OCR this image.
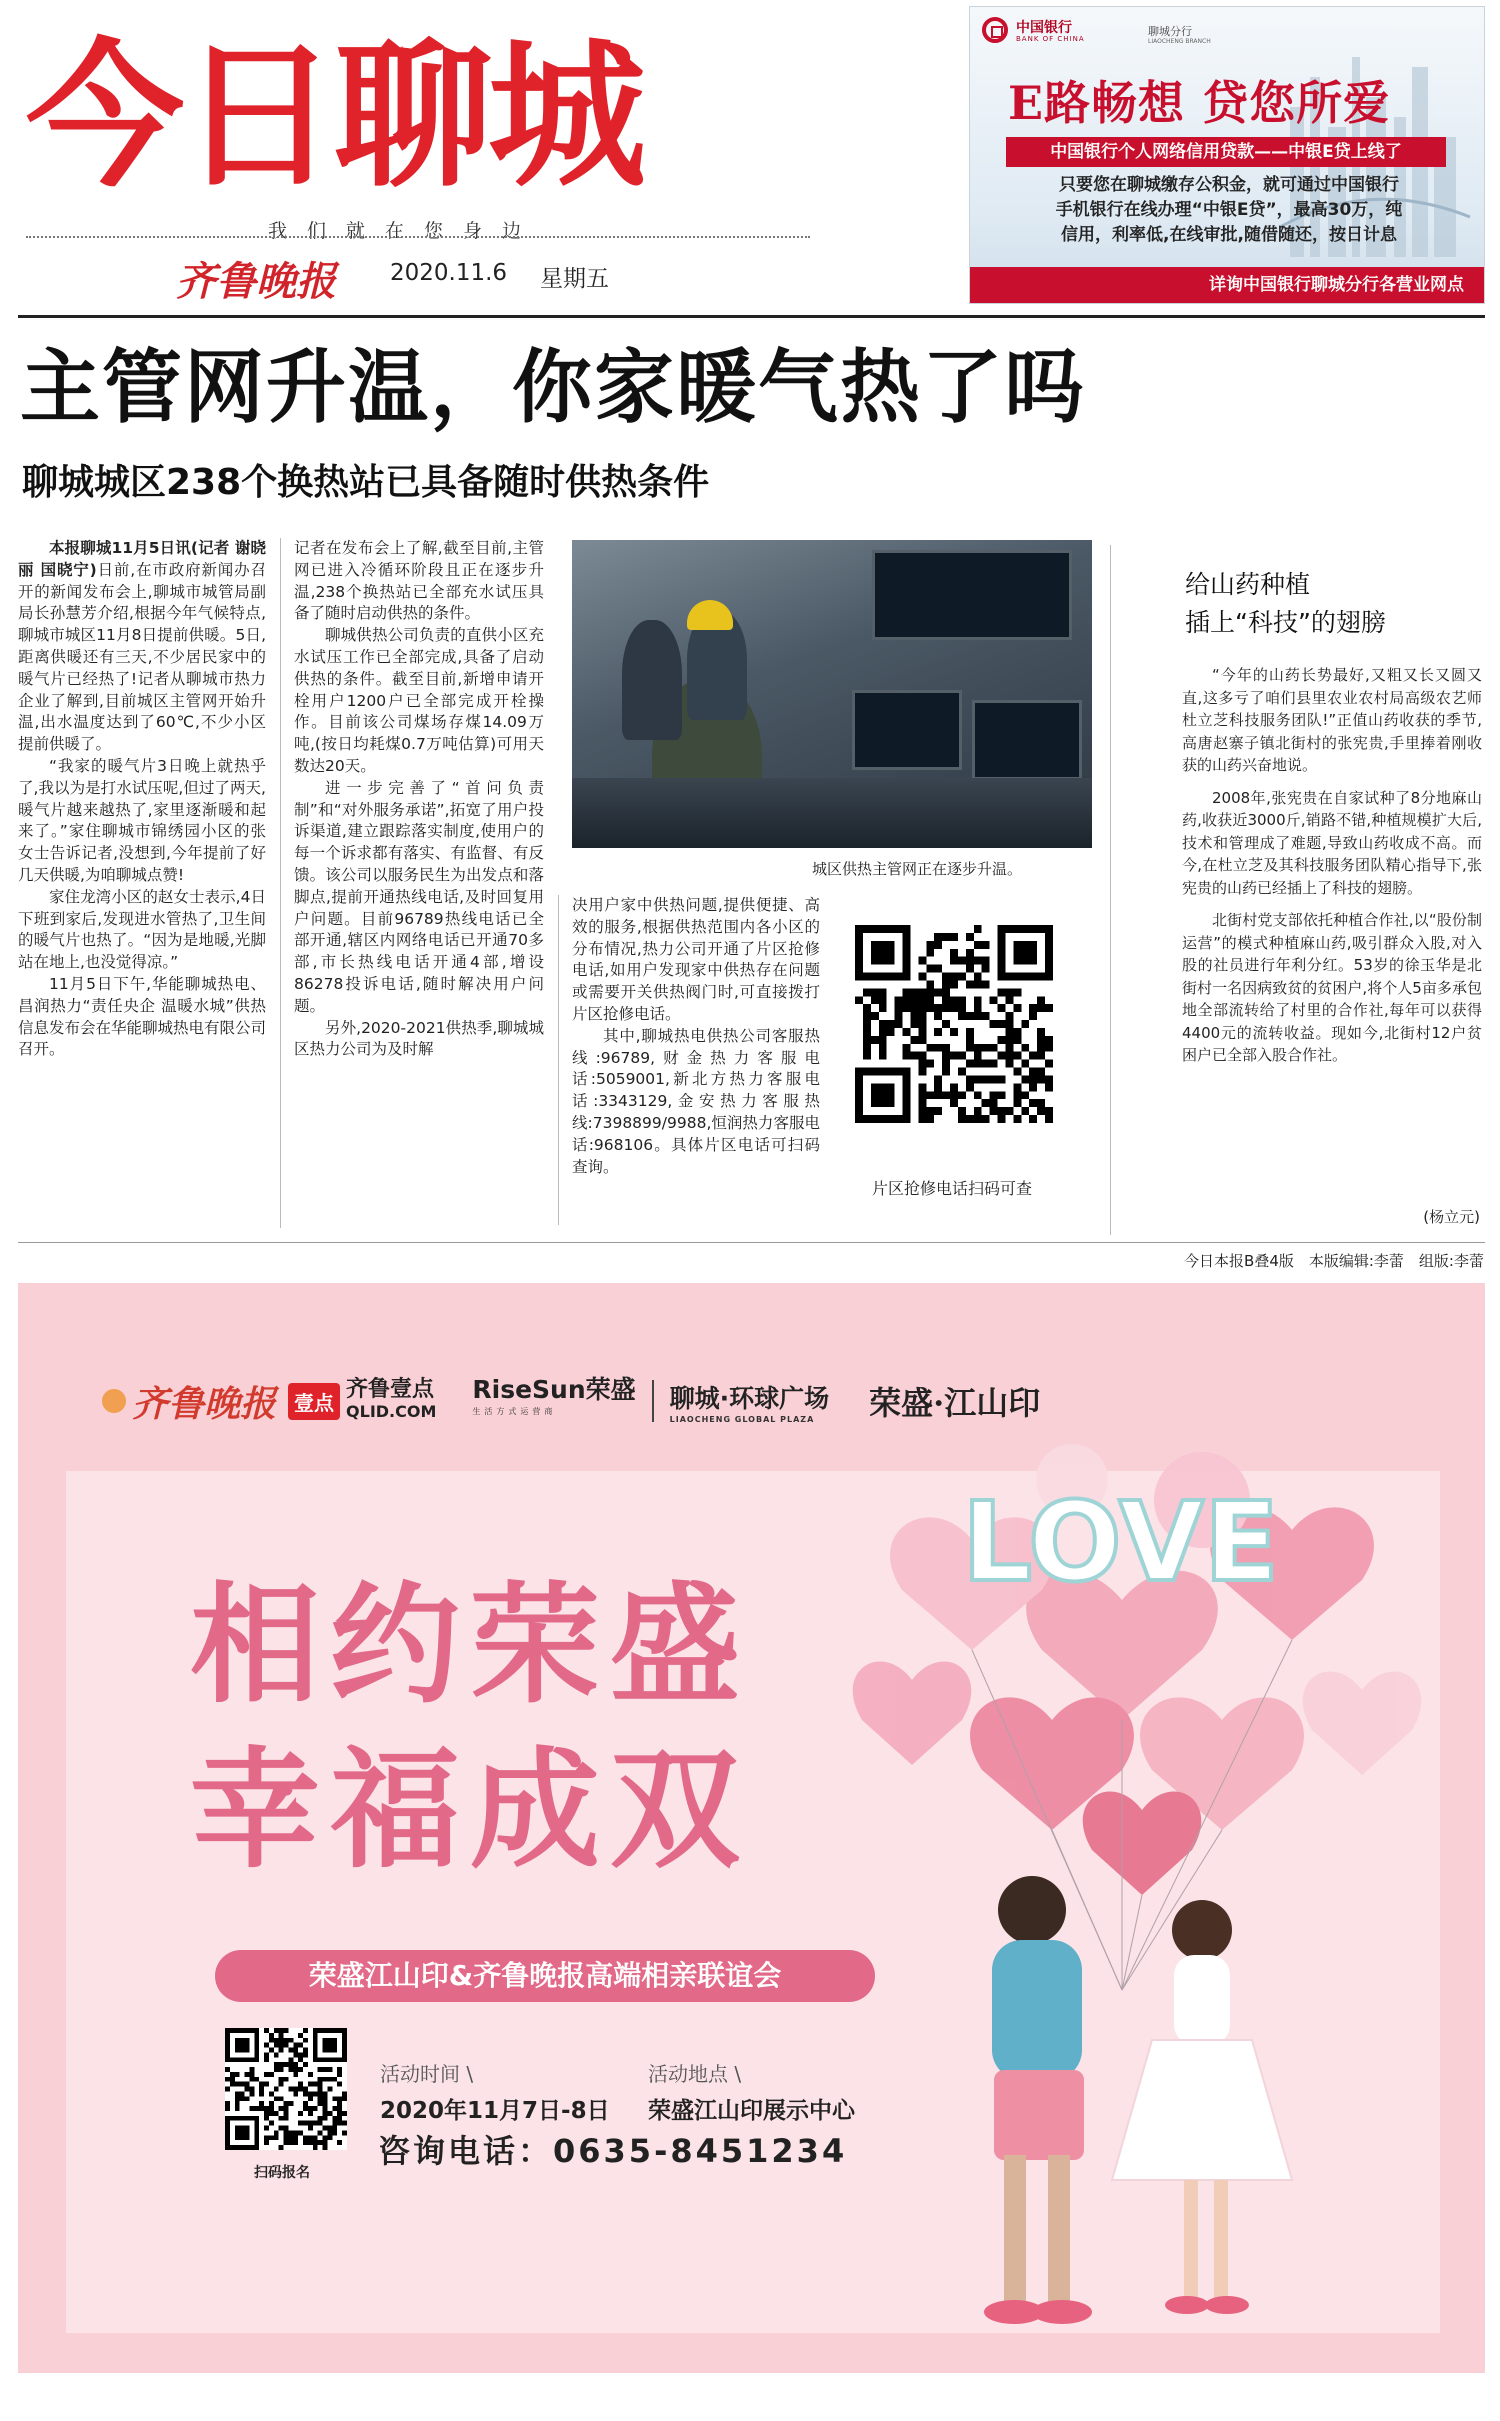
今日聊城
我们就在您身边
齐鲁晚报 2020.11.6 星期五
中国银行
BANK OF CHINA
聊城分行
LIAOCHENG BRANCH
E路畅想 贷您所爱
中国银行个人网络信用贷款——中银E贷上线了
只要您在聊城缴存公积金，就可通过中国银行
手机银行在线办理“中银E贷”，最高30万，纯
信用，利率低,在线审批,随借随还，按日计息
详询中国银行聊城分行各营业网点
主管网升温，你家暖气热了吗
聊城城区238个换热站已具备随时供热条件

本报聊城11月5日讯(记者 谢晓丽 国晓宁)日前,在市政府新闻办召开的新闻发布会上,聊城市城管局副局长孙慧芳介绍,根据今年气候特点,聊城市城区11月8日提前供暖。5日,距离供暖还有三天,不少居民家中的暖气片已经热了!记者从聊城市热力企业了解到,目前城区主管网开始升温,出水温度达到了60℃,不少小区提前供暖了。

“我家的暖气片3日晚上就热乎了,我以为是打水试压呢,但过了两天,暖气片越来越热了,家里逐渐暖和起来了。”家住聊城市锦绣园小区的张女士告诉记者,没想到,今年提前了好几天供暖,为咱聊城点赞!

家住龙湾小区的赵女士表示,4日下班到家后,发现进水管热了,卫生间的暖气片也热了。“因为是地暖,光脚站在地上,也没觉得凉。”

11月5日下午,华能聊城热电、昌润热力“责任央企 温暖水城”供热信息发布会在华能聊城热电有限公司召开。

记者在发布会上了解,截至目前,主管网已进入冷循环阶段且正在逐步升温,238个换热站已全部充水试压具备了随时启动供热的条件。

聊城供热公司负责的直供小区充水试压工作已全部完成,具备了启动供热的条件。截至目前,新增申请开栓用户1200户已全部完成开栓操作。目前该公司煤场存煤14.09万吨,(按日均耗煤0.7万吨估算)可用天数达20天。

进一步完善了“首问负责制”和“对外服务承诺”,拓宽了用户投诉渠道,建立跟踪落实制度,使用户的每一个诉求都有落实、有监督、有反馈。该公司以服务民生为出发点和落脚点,提前开通热线电话,及时回复用户问题。目前96789热线电话已全部开通,辖区内网络电话已开通70多部,市长热线电话开通4部,增设86278投诉电话,随时解决用户问题。

另外,2020-2021供热季,聊城城区热力公司为及时解

城区供热主管网正在逐步升温。

决用户家中供热问题,提供便捷、高效的服务,根据供热范围内各小区的分布情况,热力公司开通了片区抢修电话,如用户发现家中供热存在问题或需要开关供热阀门时,可直接拨打片区抢修电话。

其中,聊城热电供热公司客服热线:96789,财金热力客服电话:5059001,新北方热力客服电话:3343129,金安热力客服热线:7398899/9988,恒润热力客服电话:968106。具体片区电话可扫码查询。

片区抢修电话扫码可查
给山药种植
插上“科技”的翅膀

“今年的山药长势最好,又粗又长又圆又直,这多亏了咱们县里农业农村局高级农艺师杜立芝科技服务团队!”正值山药收获的季节,高唐赵寨子镇北街村的张宪贵,手里捧着刚收获的山药兴奋地说。

2008年,张宪贵在自家试种了8分地麻山药,收获近3000斤,销路不错,种植规模扩大后,技术和管理成了难题,导致山药收成不高。而今,在杜立芝及其科技服务团队精心指导下,张宪贵的山药已经插上了科技的翅膀。

北街村党支部依托种植合作社,以“股份制运营”的模式种植麻山药,吸引群众入股,对入股的社员进行年利分红。53岁的徐玉华是北街村一名因病致贫的贫困户,将个人5亩多承包地全部流转给了村里的合作社,每年可以获得4400元的流转收益。现如今,北街村12户贫困户已全部入股合作社。

(杨立元)
今日本报B叠4版　本版编辑:李蕾　组版:李蕾
齐鲁晚报 壹点
齐鲁壹点
QLID.COM
RiseSun荣盛
生活方式运营商	聊城·环球广场
LIAOCHENG GLOBAL PLAZA	荣盛·江山印
LOVE
相约荣盛
幸福成双
荣盛江山印&齐鲁晚报高端相亲联谊会
扫码报名
活动时间 \
2020年11月7日-8日
活动地点 \
荣盛江山印展示中心
咨询电话：0635-8451234
